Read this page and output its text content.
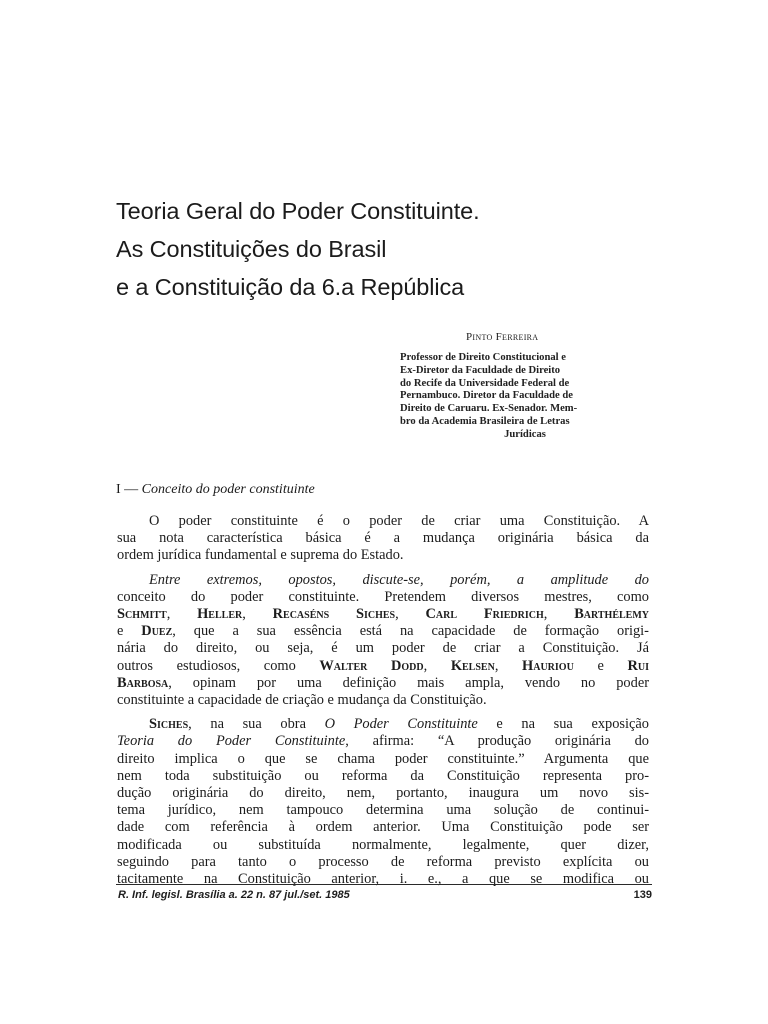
Teoria Geral do Poder Constituinte.
As Constituições do Brasil
e a Constituição da 6.a República
Pinto Ferreira
Professor de Direito Constitucional e
Ex-Diretor da Faculdade de Direito
do Recife da Universidade Federal de
Pernambuco. Diretor da Faculdade de
Direito de Caruaru. Ex-Senador. Mem-
bro da Academia Brasileira de Letras
Jurídicas
I — Conceito do poder constituinte

O poder constituinte é o poder de criar uma Constituição. A
sua nota característica básica é a mudança originária básica da
ordem jurídica fundamental e suprema do Estado.

Entre extremos, opostos, discute-se, porém, a amplitude do
conceito do poder constituinte. Pretendem diversos mestres, como
Schmitt, Heller, Recaséns Siches, Carl Friedrich, Barthélemy
e Duez, que a sua essência está na capacidade de formação origi-
nária do direito, ou seja, é um poder de criar a Constituição. Já
outros estudiosos, como Walter Dodd, Kelsen, Hauriou e Rui
Barbosa, opinam por uma definição mais ampla, vendo no poder
constituinte a capacidade de criação e mudança da Constituição.

Siches, na sua obra O Poder Constituinte e na sua exposição
Teoria do Poder Constituinte, afirma: “A produção originária do
direito implica o que se chama poder constituinte.” Argumenta que
nem toda substituição ou reforma da Constituição representa pro-
dução originária do direito, nem, portanto, inaugura um novo sis-
tema jurídico, nem tampouco determina uma solução de continui-
dade com referência à ordem anterior. Uma Constituição pode ser
modificada ou substituída normalmente, legalmente, quer dizer,
seguindo para tanto o processo de reforma previsto explícita ou
tacitamente na Constituição anterior, i. e., a que se modifica ou

R. Inf. legisl. Brasília a. 22 n. 87 jul./set. 1985	139
